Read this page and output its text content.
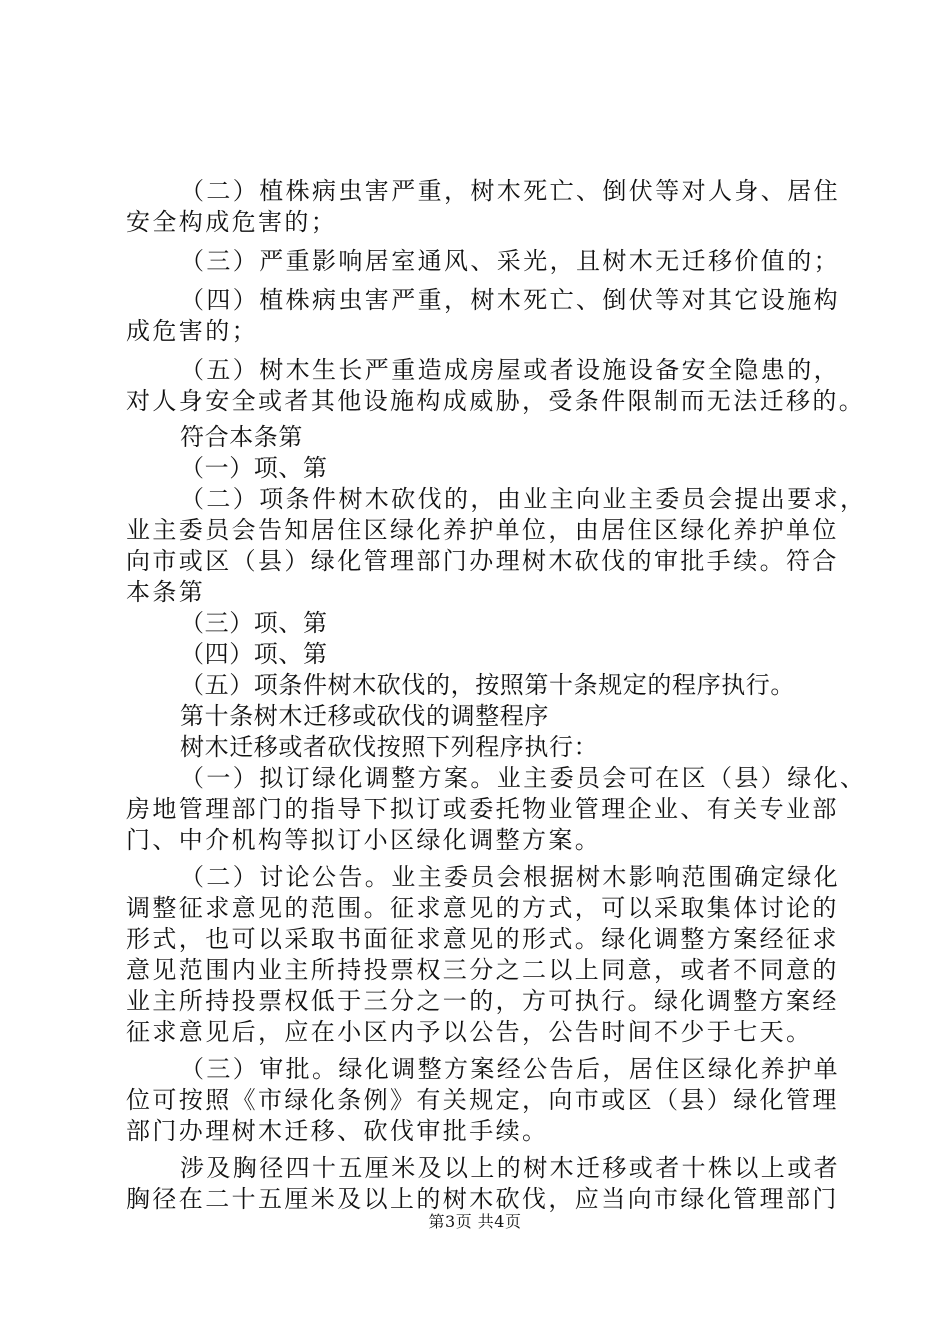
（二）植株病虫害严重，树木死亡、倒伏等对人身、居住
安全构成危害的；
（三）严重影响居室通风、采光，且树木无迁移价值的；
（四）植株病虫害严重，树木死亡、倒伏等对其它设施构
成危害的；
（五）树木生长严重造成房屋或者设施设备安全隐患的，
对人身安全或者其他设施构成威胁，受条件限制而无法迁移的。
符合本条第
（一）项、第
（二）项条件树木砍伐的，由业主向业主委员会提出要求，
业主委员会告知居住区绿化养护单位，由居住区绿化养护单位
向市或区（县）绿化管理部门办理树木砍伐的审批手续。符合
本条第
（三）项、第
（四）项、第
（五）项条件树木砍伐的，按照第十条规定的程序执行。
第十条树木迁移或砍伐的调整程序
树木迁移或者砍伐按照下列程序执行：
（一）拟订绿化调整方案。业主委员会可在区（县）绿化、
房地管理部门的指导下拟订或委托物业管理企业、有关专业部
门、中介机构等拟订小区绿化调整方案。
（二）讨论公告。业主委员会根据树木影响范围确定绿化
调整征求意见的范围。征求意见的方式，可以采取集体讨论的
形式，也可以采取书面征求意见的形式。绿化调整方案经征求
意见范围内业主所持投票权三分之二以上同意，或者不同意的
业主所持投票权低于三分之一的，方可执行。绿化调整方案经
征求意见后，应在小区内予以公告，公告时间不少于七天。
（三）审批。绿化调整方案经公告后，居住区绿化养护单
位可按照《市绿化条例》有关规定，向市或区（县）绿化管理
部门办理树木迁移、砍伐审批手续。
涉及胸径四十五厘米及以上的树木迁移或者十株以上或者
胸径在二十五厘米及以上的树木砍伐，应当向市绿化管理部门
第3页 共4页
